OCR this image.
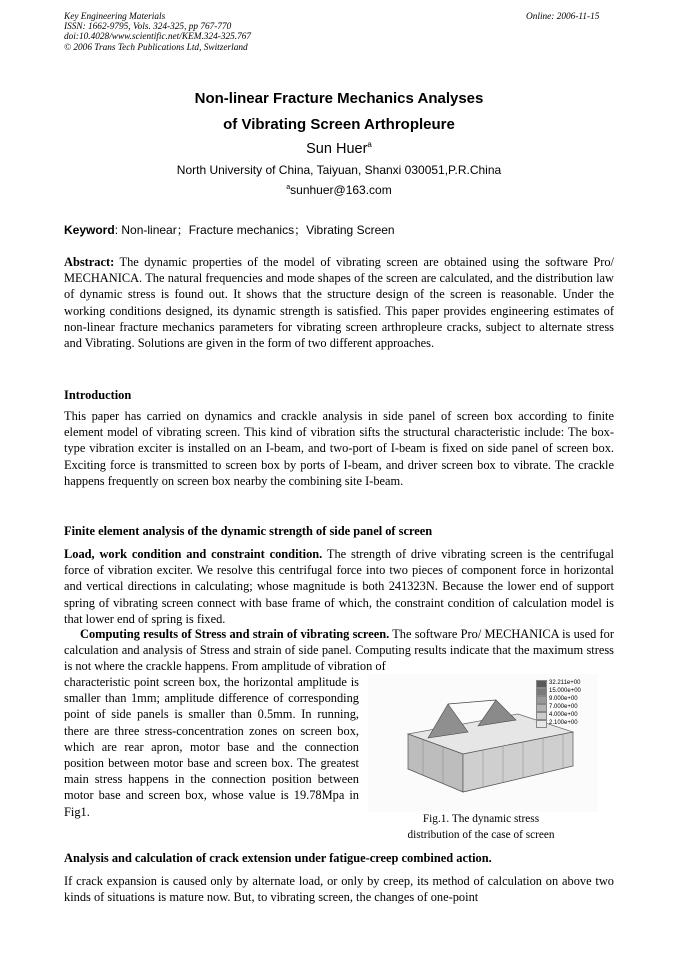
Key Engineering Materials
ISSN: 1662-9795, Vols. 324-325, pp 767-770
doi:10.4028/www.scientific.net/KEM.324-325.767
© 2006 Trans Tech Publications Ltd, Switzerland
Online: 2006-11-15
Non-linear Fracture Mechanics Analyses
of Vibrating Screen Arthropleure
Sun Huer$^a$
North University of China, Taiyuan, Shanxi 030051,P.R.China
$^a$sunhuer@163.com
Keyword: Non-linear；Fracture mechanics；Vibrating Screen

Abstract: The dynamic properties of the model of vibrating screen are obtained using the software Pro/ MECHANICA. The natural frequencies and mode shapes of the screen are calculated, and the distribution law of dynamic stress is found out. It shows that the structure design of the screen is reasonable. Under the working conditions designed, its dynamic strength is satisfied. This paper provides engineering estimates of non-linear fracture mechanics parameters for vibrating screen arthropleure cracks, subject to alternate stress and Vibrating. Solutions are given in the form of two different approaches.

Introduction

This paper has carried on dynamics and crackle analysis in side panel of screen box according to finite element model of vibrating screen. This kind of vibration sifts the structural characteristic include: The box-type vibration exciter is installed on an I-beam, and two-port of I-beam is fixed on side panel of screen box. Exciting force is transmitted to screen box by ports of I-beam, and driver screen box to vibrate. The crackle happens frequently on screen box nearby the combining site I-beam.

Finite element analysis of the dynamic strength of side panel of screen

Load, work condition and constraint condition. The strength of drive vibrating screen is the centrifugal force of vibration exciter. We resolve this centrifugal force into two pieces of component force in horizontal and vertical directions in calculating; whose magnitude is both 241323N. Because the lower end of support spring of vibrating screen connect with base frame of which, the constraint condition of calculation model is that lower end of spring is fixed.

Computing results of Stress and strain of vibrating screen. The software Pro/ MECHANICA is used for calculation and analysis of Stress and strain of side panel. Computing results indicate that the maximum stress is not where the crackle happens. From amplitude of vibration of

characteristic point screen box, the horizontal amplitude is smaller than 1mm; amplitude difference of corresponding point of side panels is smaller than 0.5mm. In running, there are three stress-concentration zones on screen box, which are rear apron, motor base and the connection position between motor base and screen box. The greatest main stress happens in the connection position between motor base and screen box, whose value is 19.78Mpa in Fig1.

32.211e+00
15.000e+00
9.000e+00
7.000e+00
4.000e+00
2.100e+00
Fig.1. The dynamic stress
distribution of the case of screen

Analysis and calculation of crack extension under fatigue-creep combined action.

If crack expansion is caused only by alternate load, or only by creep, its method of calculation on above two kinds of situations is mature now. But, to vibrating screen, the changes of one-point
